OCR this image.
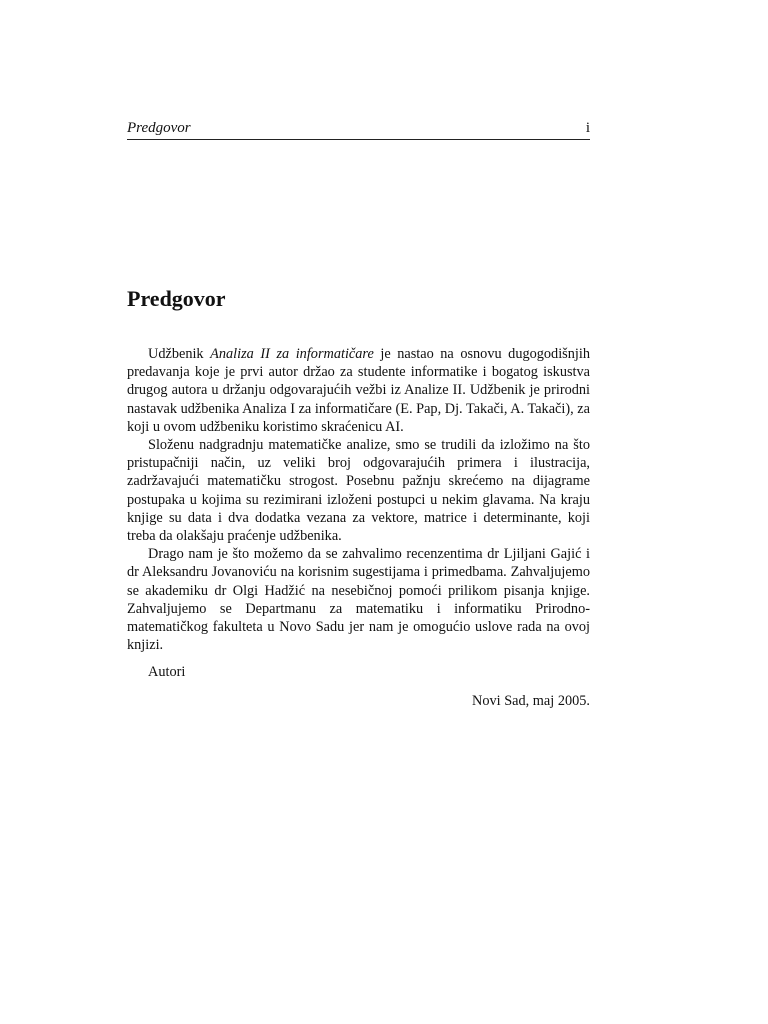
Predgovor	i
Predgovor

Udžbenik Analiza II za informatičare je nastao na osnovu dugogodišnjih predavanja koje je prvi autor držao za studente informatike i bogatog iskustva drugog autora u držanju odgovarajućih vežbi iz Analize II. Udžbenik je prirodni nastavak udžbenika Analiza I za informatičare (E. Pap, Dj. Takači, A. Takači), za koji u ovom udžbeniku koristimo skraćenicu AI.

Složenu nadgradnju matematičke analize, smo se trudili da izložimo na što pristupačniji način, uz veliki broj odgovarajućih primera i ilustracija, zadržavajući matematičku strogost. Posebnu pažnju skrećemo na dijagrame postupaka u kojima su rezimirani izloženi postupci u nekim glavama. Na kraju knjige su data i dva dodatka vezana za vektore, matrice i determinante, koji treba da olakšaju praćenje udžbenika.

Drago nam je što možemo da se zahvalimo recenzentima dr Ljiljani Gajić i dr Aleksandru Jovanoviću na korisnim sugestijama i primedbama. Zahvaljujemo se akademiku dr Olgi Hadžić na nesebičnoj pomoći prilikom pisanja knjige. Zahvaljujemo se Departmanu za matematiku i informatiku Prirodno-matematičkog fakulteta u Novo Sadu jer nam je omogućio uslove rada na ovoj knjizi.

Autori
Novi Sad, maj 2005.
